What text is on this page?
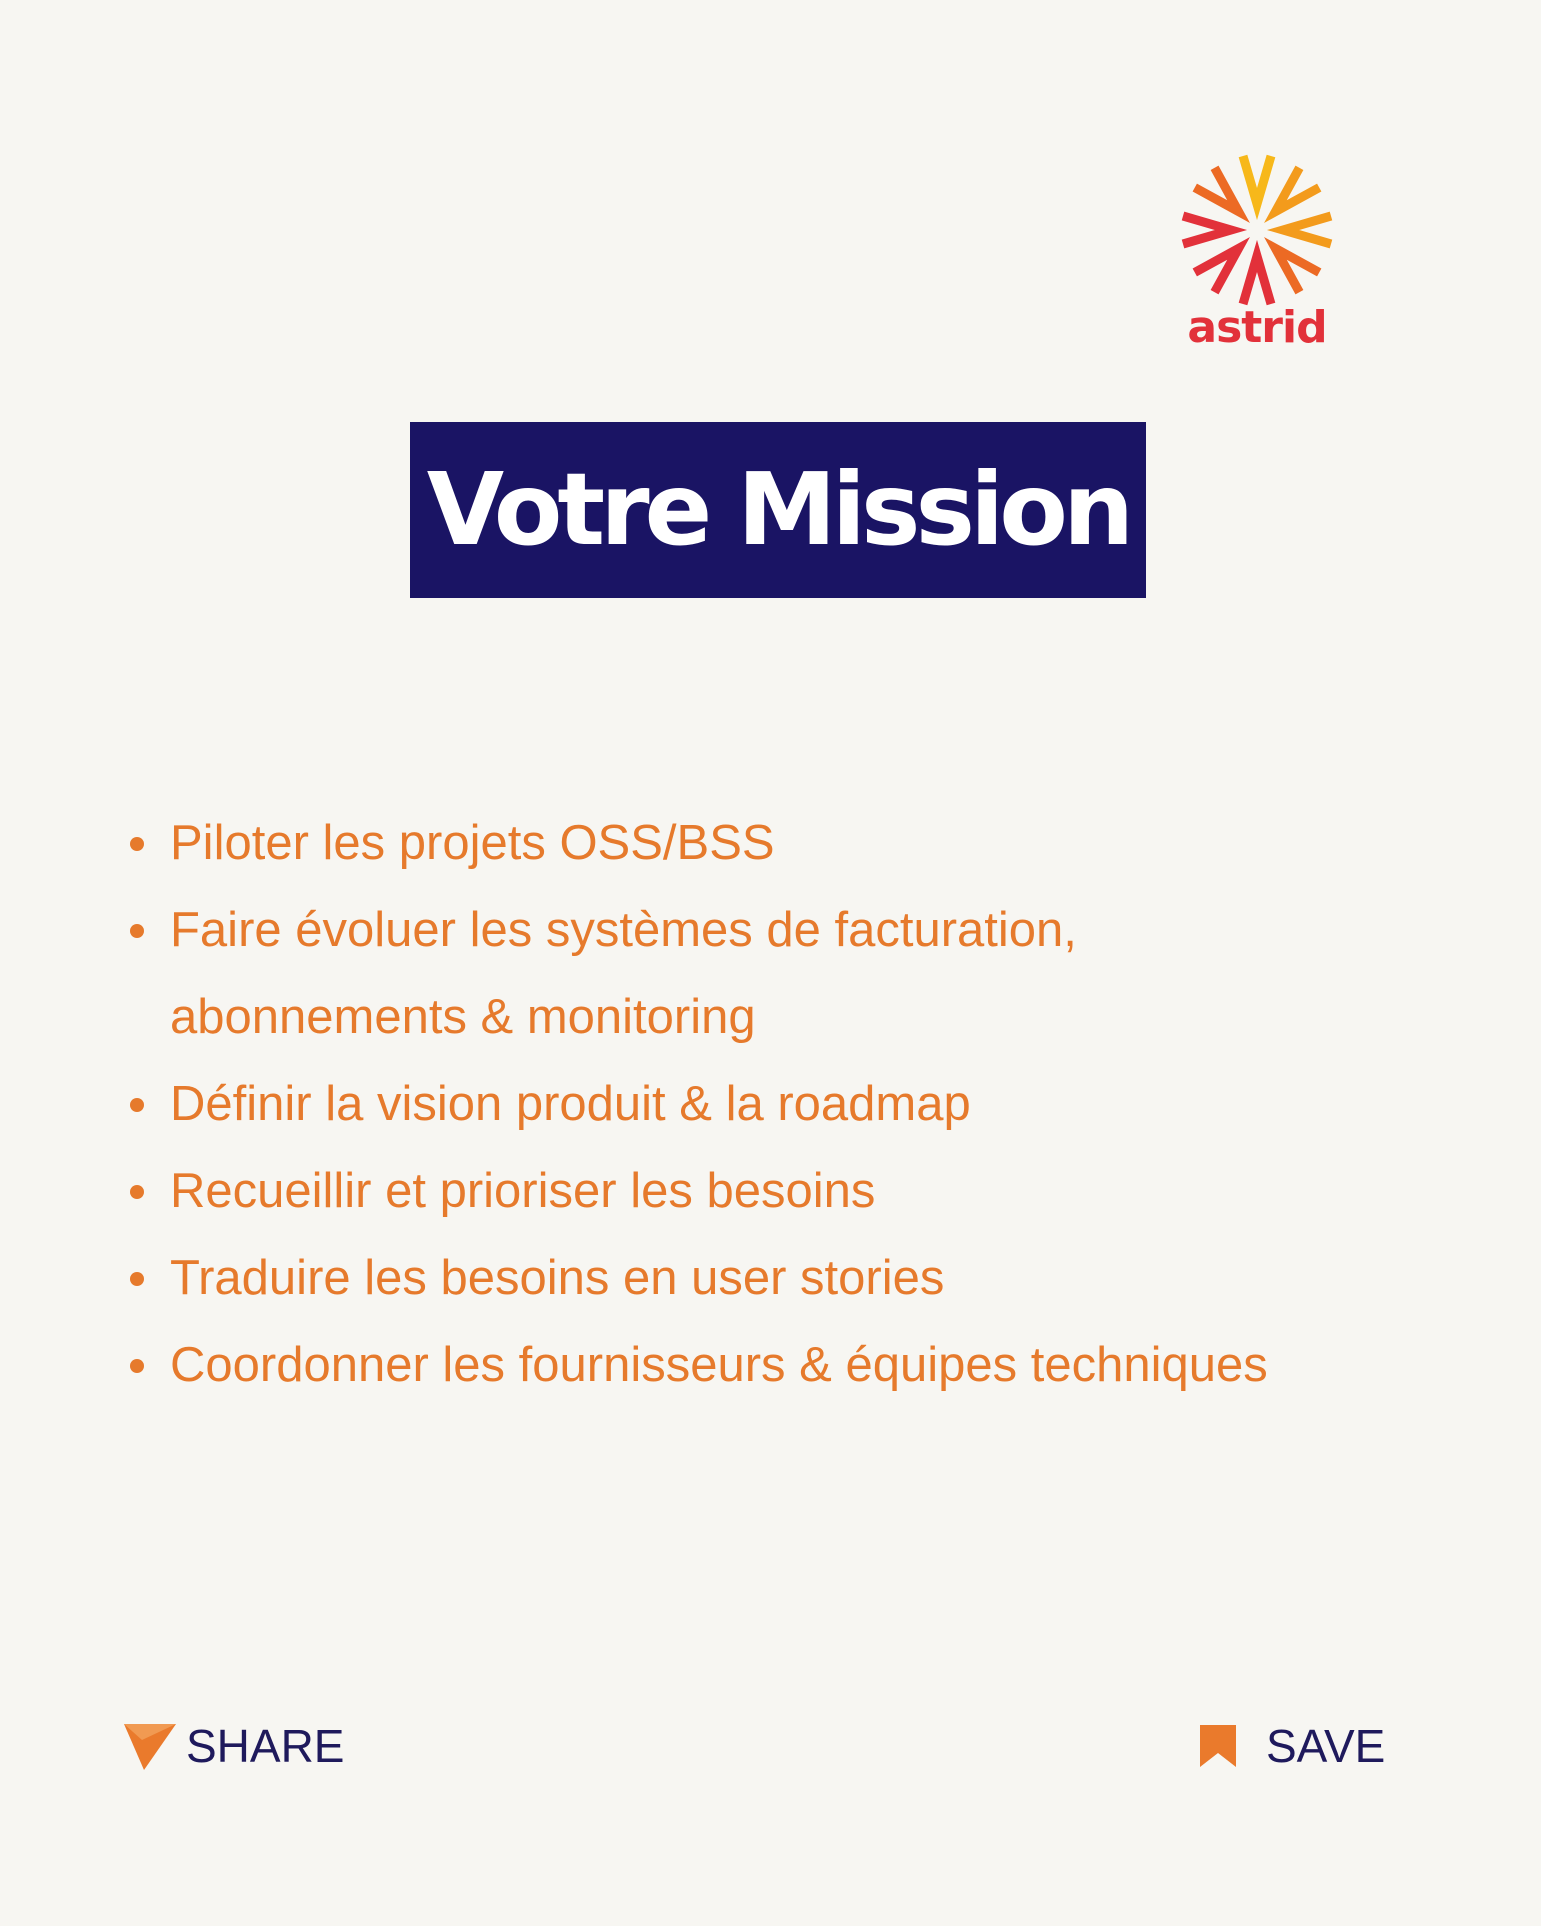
astrid
Votre Mission
Piloter les projets OSS/BSS
Faire évoluer les systèmes de facturation, abonnements & monitoring
Définir la vision produit & la roadmap
Recueillir et prioriser les besoins
Traduire les besoins en user stories
Coordonner les fournisseurs & équipes techniques
SHARE	SAVE
